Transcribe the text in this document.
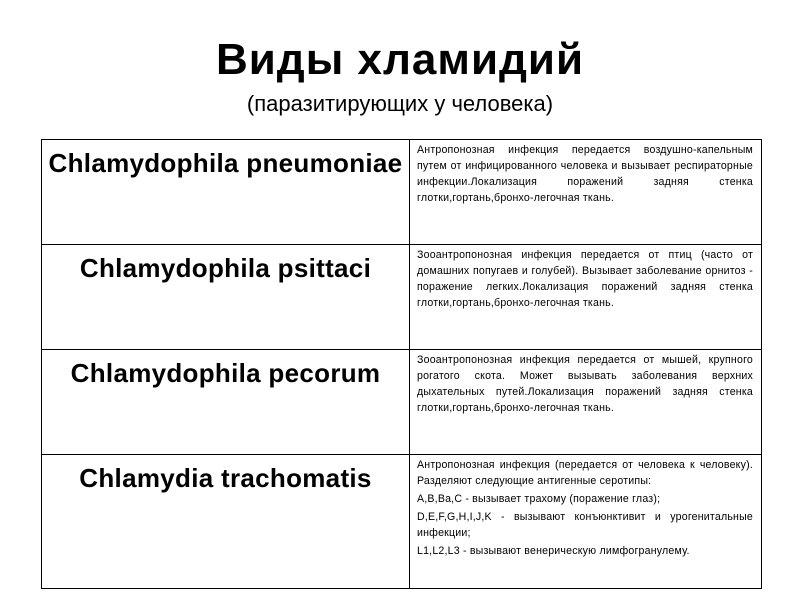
Виды хламидий
(паразитирующих у человека)
Chlamydophila pneumoniae	Антропонозная инфекция передается воздушно-капельным путем от инфицированного человека и вызывает респираторные инфекции.Локализация поражений задняя стенка глотки,гортань,бронхо-легочная ткань.

Chlamydophila psittaci	Зооантропонозная инфекция передается от птиц (часто от домашних попугаев и голубей). Вызывает заболевание орнитоз - поражение легких.Локализация поражений задняя стенка глотки,гортань,бронхо-легочная ткань.

Chlamydophila pecorum	Зооантропонозная инфекция передается от мышей, крупного рогатого скота. Может вызывать заболевания верхних дыхательных путей.Локализация поражений задняя стенка глотки,гортань,бронхо-легочная ткань.

Chlamydia trachomatis	Антропонозная инфекция (передается от человека к человеку). Разделяют следующие антигенные серотипы:
A,B,Ba,C - вызывает трахому (поражение глаз);
D,E,F,G,H,I,J,K - вызывают конъюнктивит и урогенитальные инфекции;
L1,L2,L3 - вызывают венерическую лимфогранулему.
